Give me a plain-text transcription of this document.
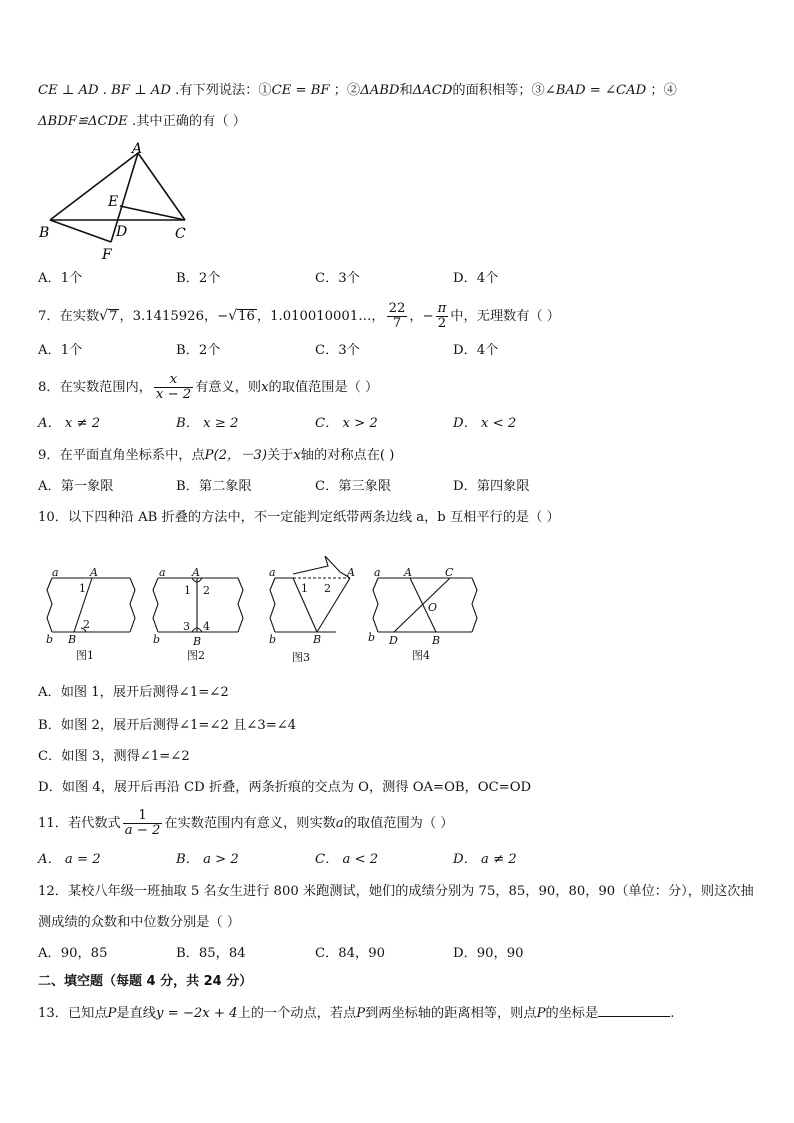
CE ⊥ AD . BF ⊥ AD .有下列说法：①CE = BF ；②ΔABD和ΔACD的面积相等；③∠BAD = ∠CAD ；④
ΔBDF≌ΔCDE .其中正确的有（ ）
A
E
B	D	C
F
A．1个	B．2个	C．3个	D．4个
7．在实数√7 ，3.1415926，−√16 ，1.010010001…， $\frac{22}{7}$ ，− $\frac{\pi}{2}$ 中，无理数有（ ）
A．1个	B．2个	C．3个	D．4个
8．在实数范围内， $\frac{x}{x - 2}$ 有意义，则x的取值范围是（ ）
A． x ≠ 2	B． x ≥ 2	C． x > 2	D． x < 2
9．在平面直角坐标系中，点P(2，－3)关于x轴的对称点在( )
A．第一象限	B．第二象限	C．第三象限	D．第四象限
10．以下四种沿 AB 折叠的方法中，不一定能判定纸带两条边线 a，b 互相平行的是（ ）
a	A
b B
a A
b	B
a	A
b	B
a A	C
b D
O
B
1
2
1 2
3 4
1 2
图1	图2	图3	图4
A．如图 1，展开后测得∠1=∠2
B．如图 2，展开后测得∠1=∠2 且∠3=∠4
C．如图 3，测得∠1=∠2
D．如图 4，展开后再沿 CD 折叠，两条折痕的交点为 O，测得 OA=OB，OC=OD
11．若代数式 $\frac{1}{a - 2}$ 在实数范围内有意义，则实数a的取值范围为（ ）
A． a = 2	B． a > 2	C． a < 2	D． a ≠ 2
12．某校八年级一班抽取 5 名女生进行 800 米跑测试，她们的成绩分别为 75，85，90，80，90（单位：分），则这次抽
测成绩的众数和中位数分别是（ ）
A．90，85	B．85，84	C．84，90	D．90，90
二、填空题（每题 4 分，共 24 分）
13．已知点P是直线y = −2x + 4上的一个动点，若点P到两坐标轴的距离相等，则点P的坐标是	.
